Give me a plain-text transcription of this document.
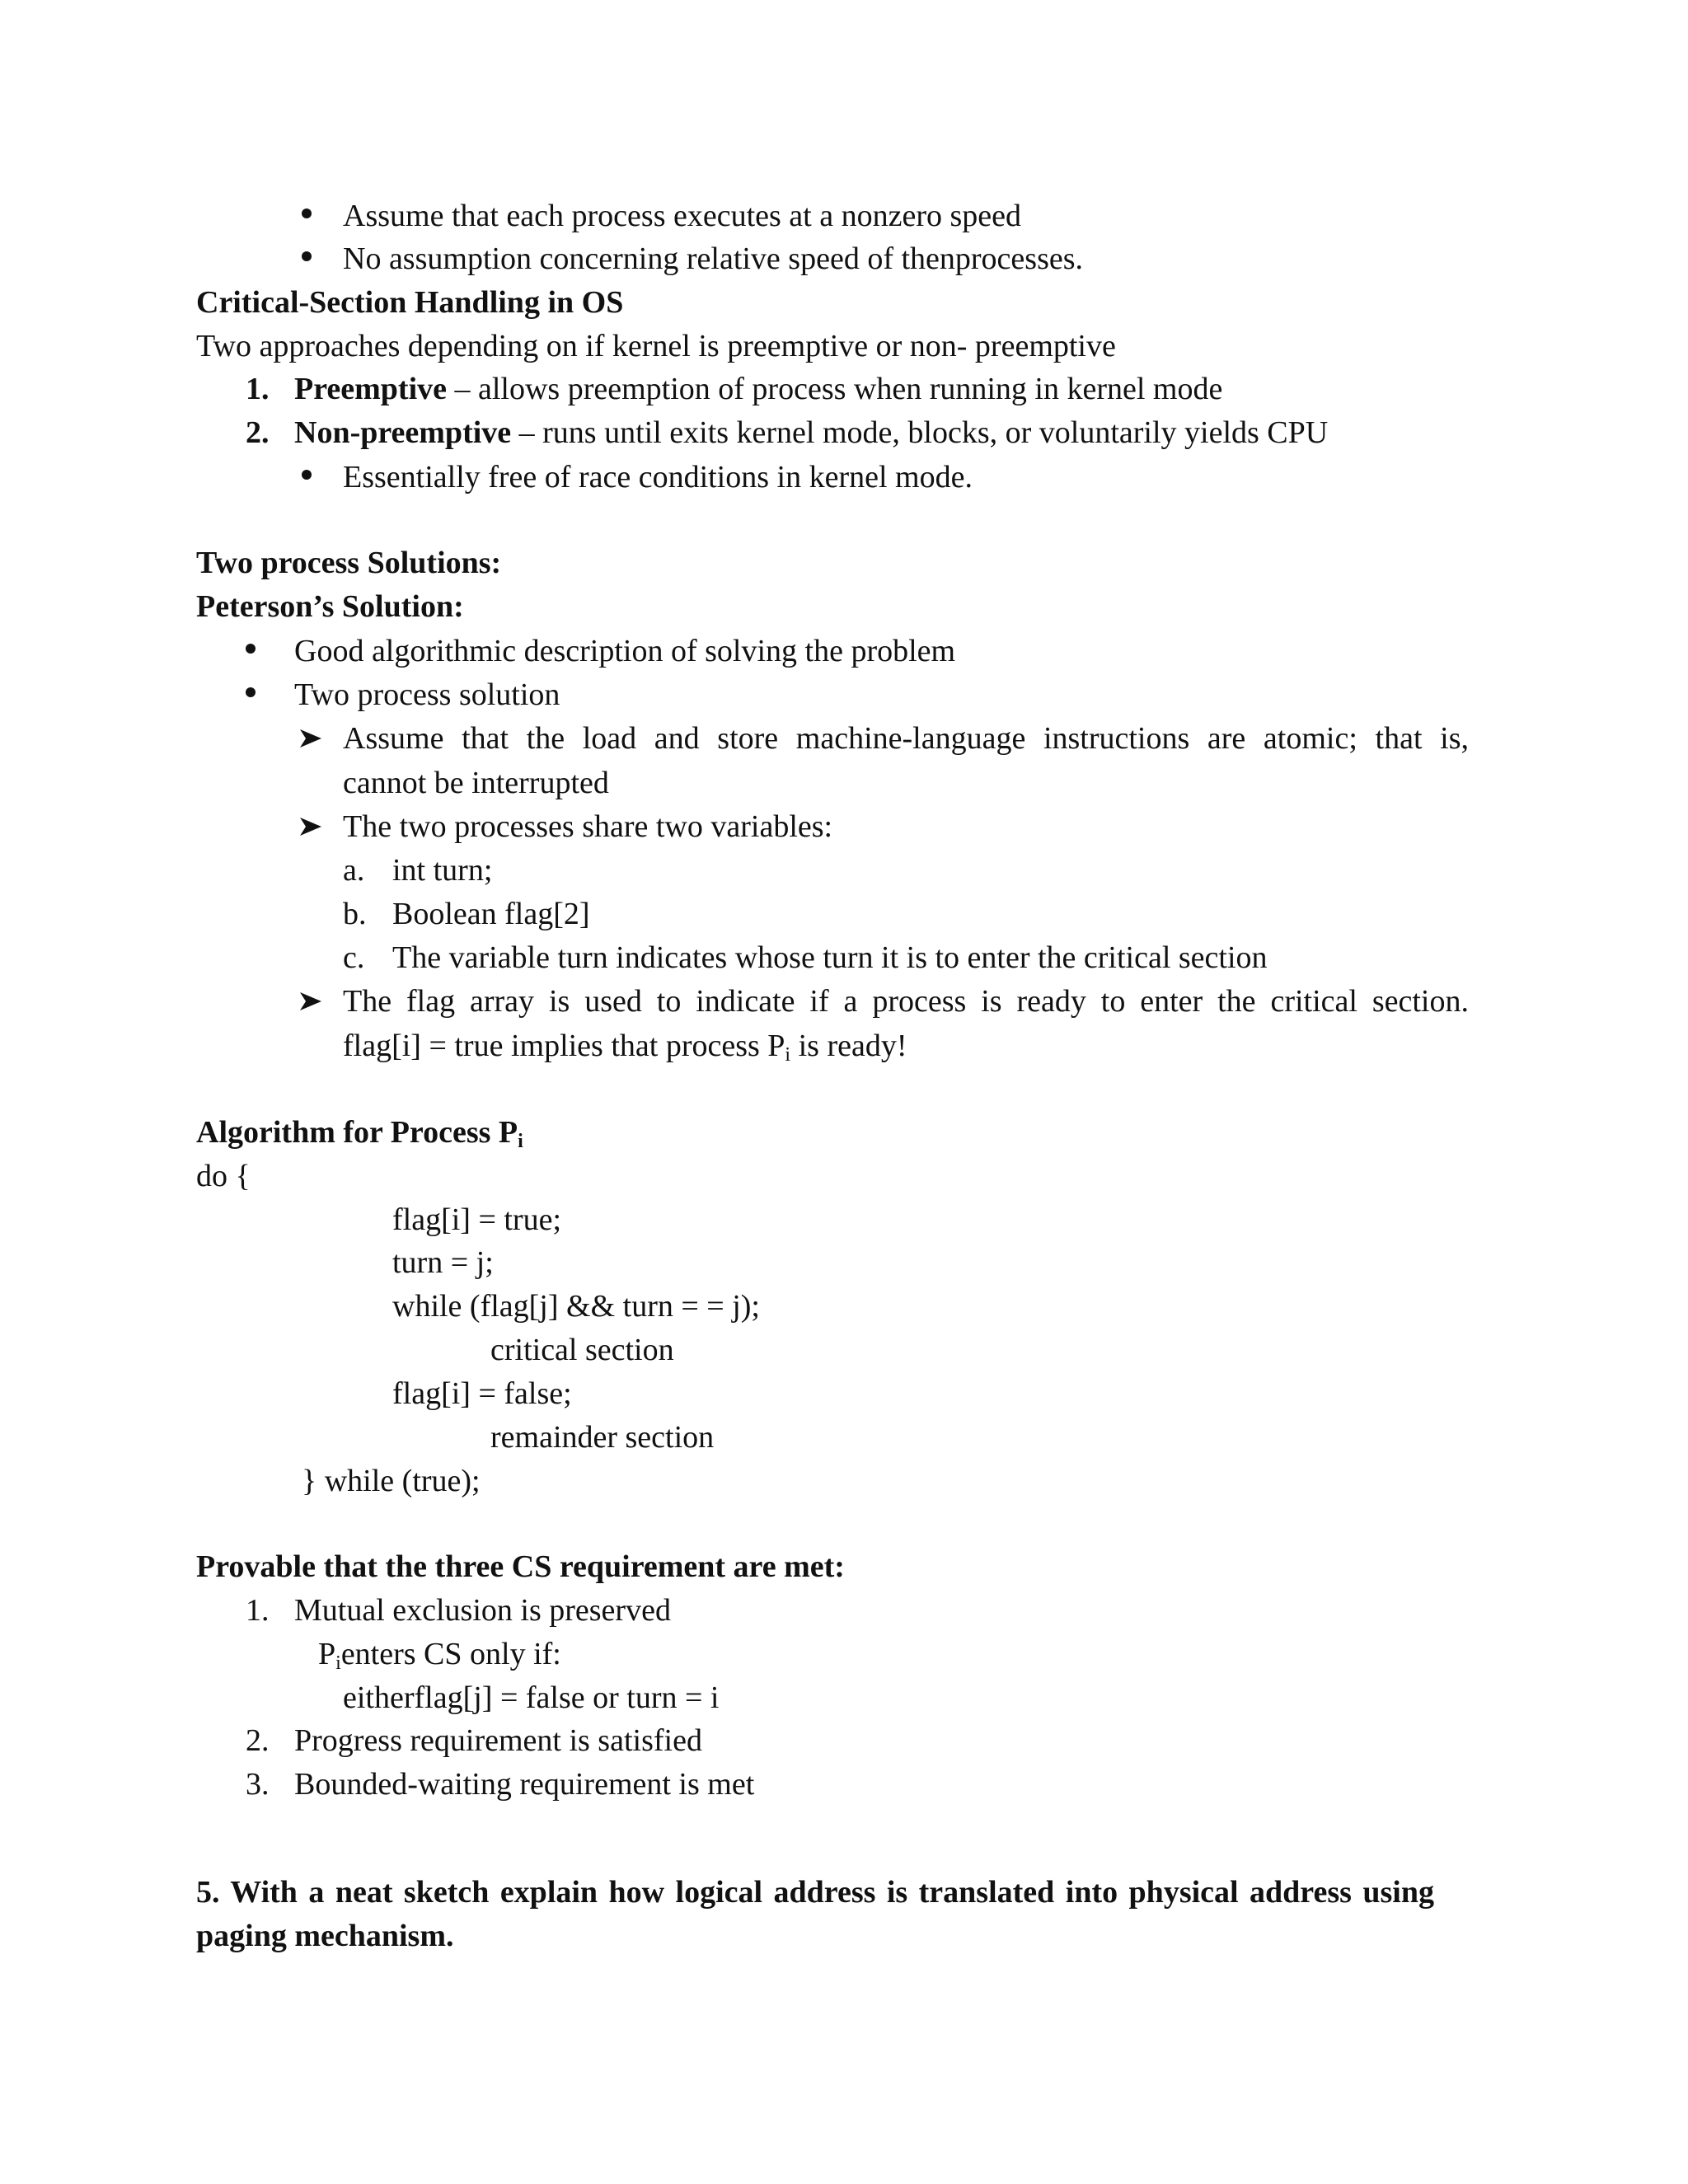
Assume that each process executes at a nonzero speed
No assumption concerning relative speed of thenprocesses.
Critical-Section Handling in OS
Two approaches depending on if kernel is preemptive or non- preemptive
1. Preemptive – allows preemption of process when running in kernel mode
2. Non-preemptive – runs until exits kernel mode, blocks, or voluntarily yields CPU
Essentially free of race conditions in kernel mode.
Two process Solutions:
Peterson’s Solution:
Good algorithmic description of solving the problem
Two process solution
Assume that the load and store machine-language instructions are atomic; that is,
cannot be interrupted
The two processes share two variables:
a. int turn;
b. Boolean flag[2]
c. The variable turn indicates whose turn it is to enter the critical section
The flag array is used to indicate if a process is ready to enter the critical section.
flag[i] = true implies that process $P_i$ is ready!
Algorithm for Process $P_i$
do {
flag[i] = true;
turn = j;
while (flag[j] && turn = = j);
critical section
flag[i] = false;
remainder section
} while (true);
Provable that the three CS requirement are met:
1. Mutual exclusion is preserved
$P_ienters$ CS only if:
eitherflag[j] = false or turn = i
2. Progress requirement is satisfied
3. Bounded-waiting requirement is met
5. With a neat sketch explain how logical address is translated into physical address using
paging mechanism.
